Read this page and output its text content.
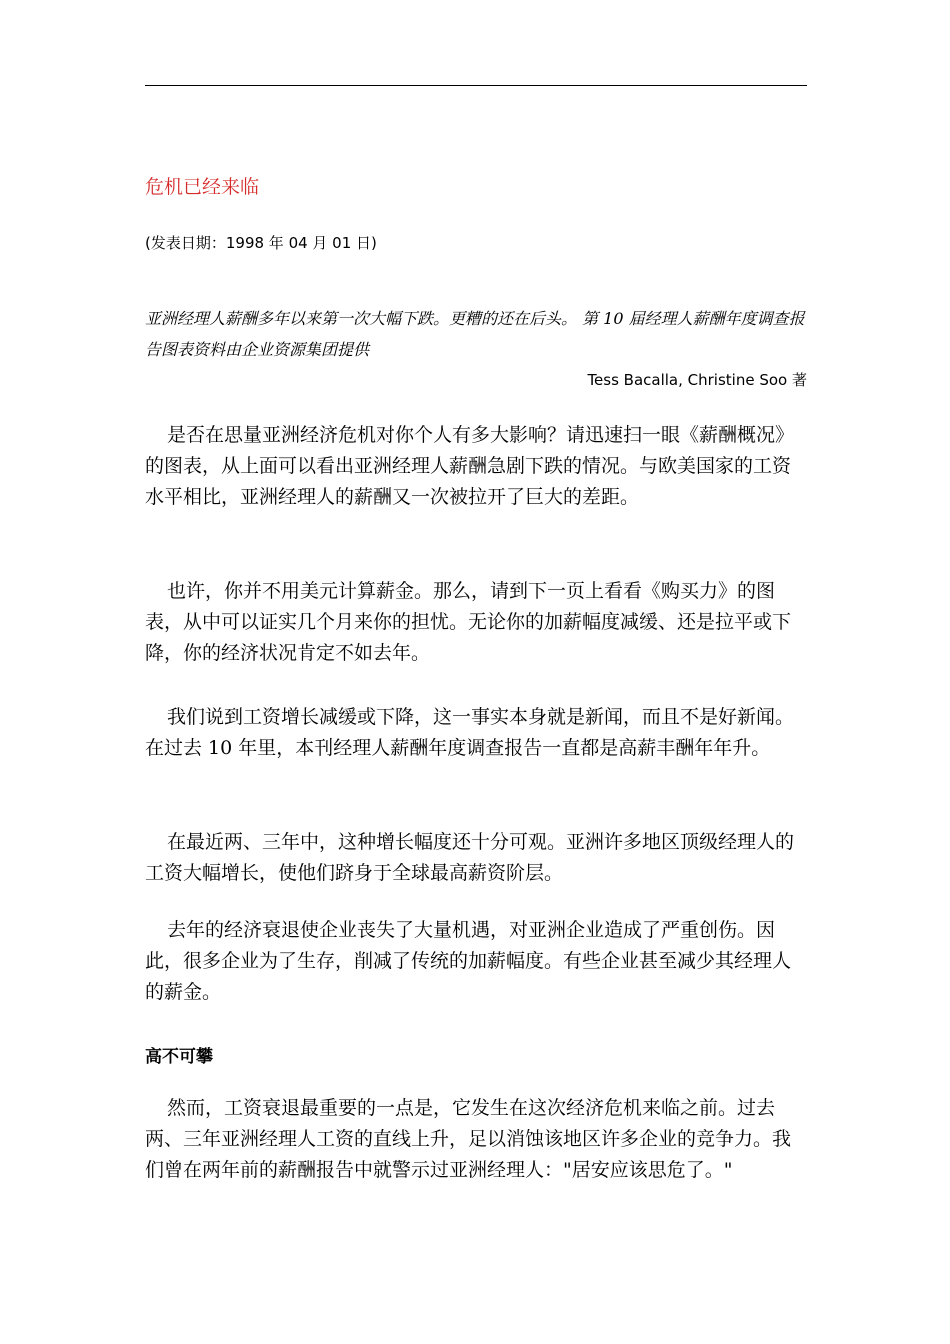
危机已经来临

(发表日期：1998 年 04 月 01 日)

亚洲经理人薪酬多年以来第一次大幅下跌。更糟的还在后头。 第 10 届经理人薪酬年度调查报告图表资料由企业资源集团提供

Tess Bacalla, Christine Soo 著

是否在思量亚洲经济危机对你个人有多大影响？请迅速扫一眼《薪酬概况》的图表，从上面可以看出亚洲经理人薪酬急剧下跌的情况。与欧美国家的工资水平相比，亚洲经理人的薪酬又一次被拉开了巨大的差距。

也许，你并不用美元计算薪金。那么，请到下一页上看看《购买力》的图表，从中可以证实几个月来你的担忧。无论你的加薪幅度减缓、还是拉平或下降，你的经济状况肯定不如去年。

我们说到工资增长减缓或下降，这一事实本身就是新闻，而且不是好新闻。在过去 10 年里，本刊经理人薪酬年度调查报告一直都是高薪丰酬年年升。

在最近两、三年中，这种增长幅度还十分可观。亚洲许多地区顶级经理人的工资大幅增长，使他们跻身于全球最高薪资阶层。

去年的经济衰退使企业丧失了大量机遇，对亚洲企业造成了严重创伤。因此，很多企业为了生存，削减了传统的加薪幅度。有些企业甚至减少其经理人的薪金。

高不可攀

然而，工资衰退最重要的一点是，它发生在这次经济危机来临之前。过去两、三年亚洲经理人工资的直线上升，足以消蚀该地区许多企业的竞争力。我们曾在两年前的薪酬报告中就警示过亚洲经理人："居安应该思危了。"
